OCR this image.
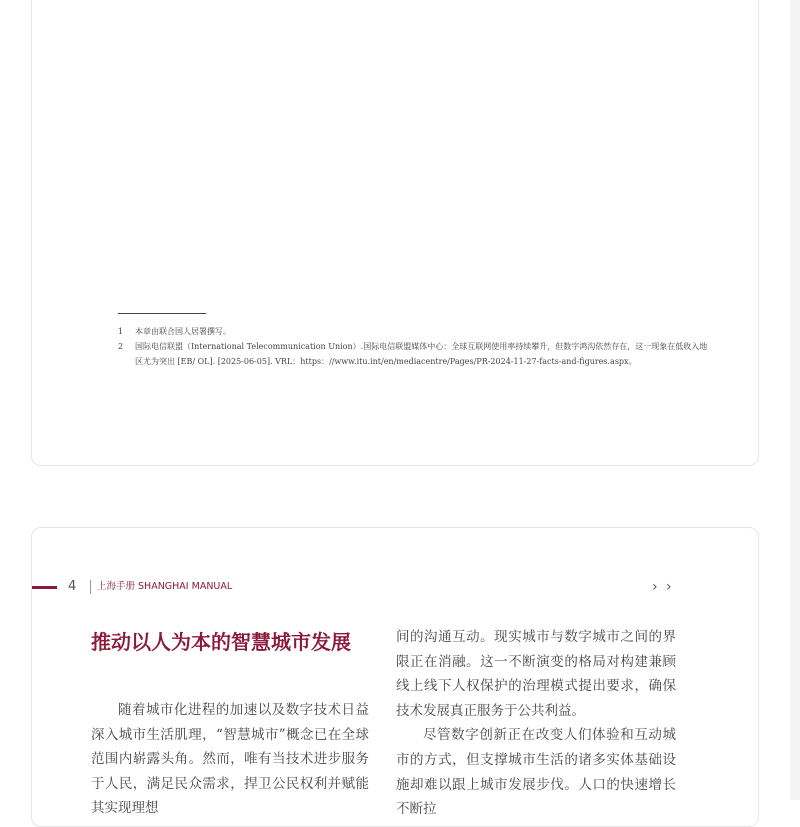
1	本章由联合国人居署撰写。
2	国际电信联盟（International Telecommunication Union）.国际电信联盟媒体中心：全球互联网使用率持续攀升，但数字鸿沟依然存在，这一现象在低收入地区尤为突出 [EB/ OL]. [2025-06-05]. VRL：https：//www.itu.int/en/mediacentre/Pages/PR-2024-11-27-facts-and-figures.aspx。
4 上海手册 SHANGHAI MANUAL	› ›
推动以人为本的智慧城市发展

随着城市化进程的加速以及数字技术日益深入城市生活肌理，“智慧城市”概念已在全球范围内崭露头角。然而，唯有当技术进步服务于人民，满足民众需求，捍卫公民权利并赋能其实现理想

间的沟通互动。现实城市与数字城市之间的界限正在消融。这一不断演变的格局对构建兼顾线上线下人权保护的治理模式提出要求，确保技术发展真正服务于公共利益。

尽管数字创新正在改变人们体验和互动城市的方式，但支撑城市生活的诸多实体基础设施却难以跟上城市发展步伐。人口的快速增长不断拉
